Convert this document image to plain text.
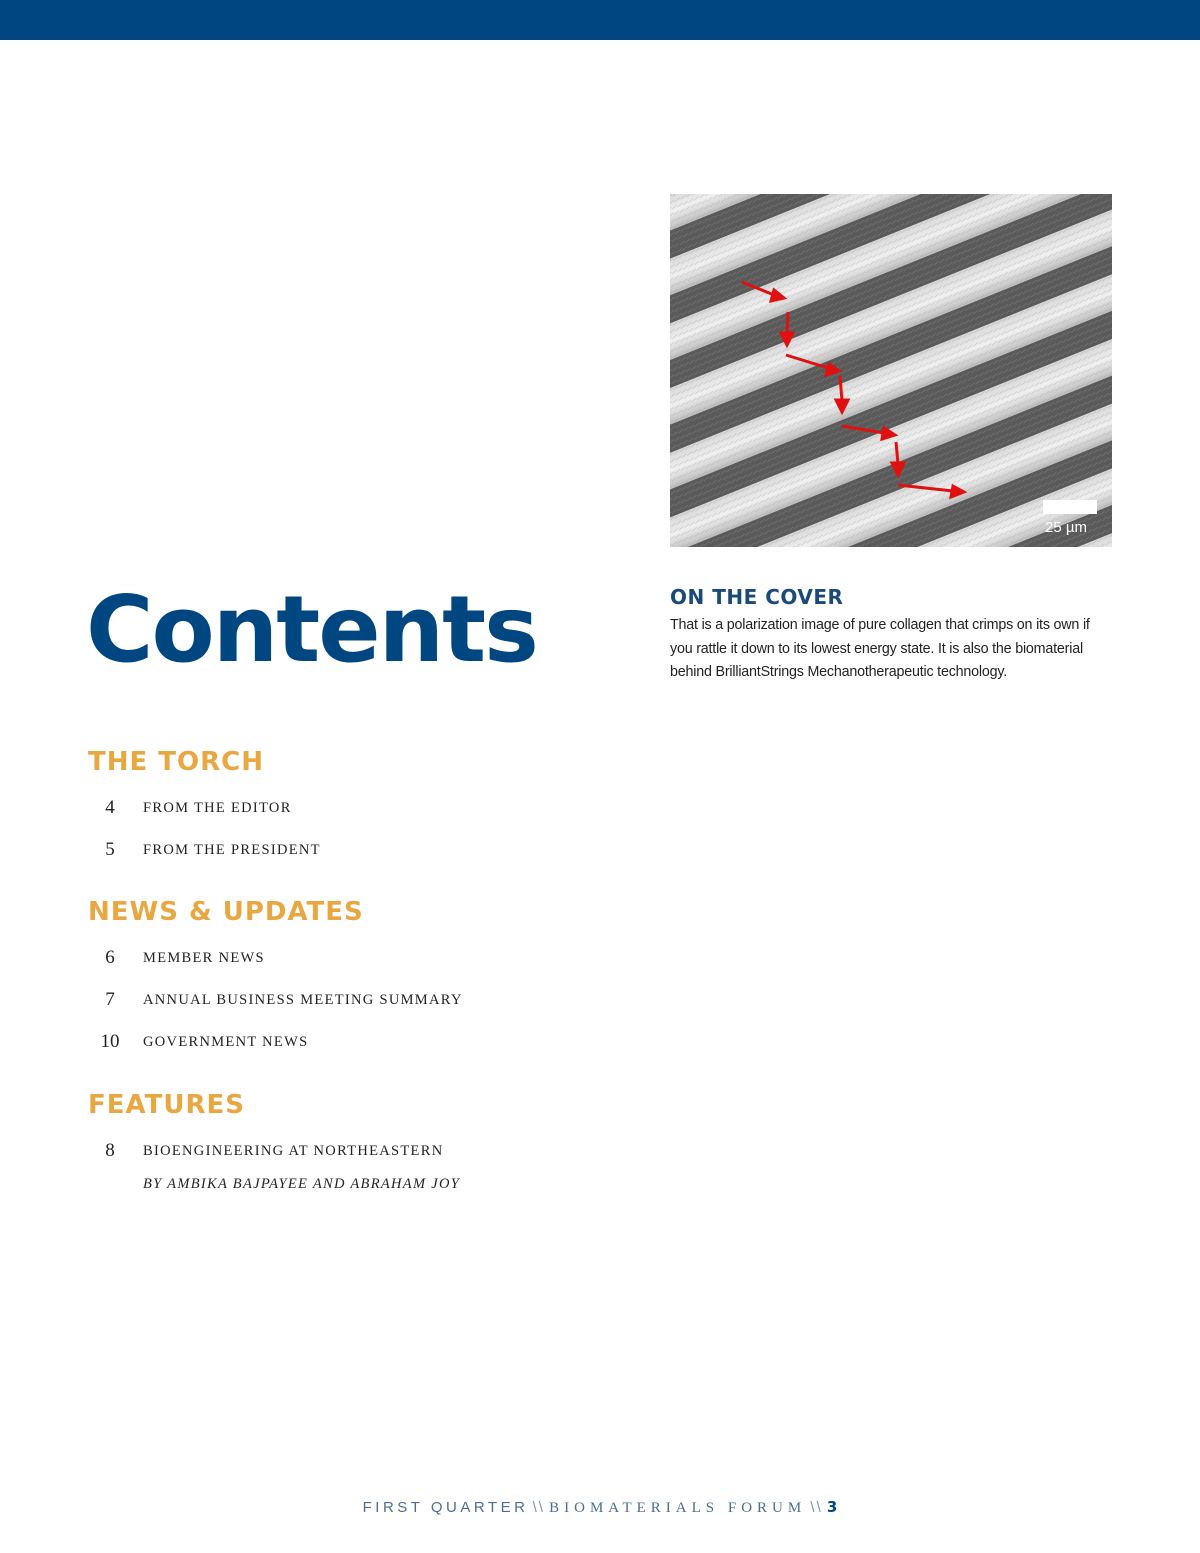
25 µm
ON THE COVER
That is a polarization image of pure collagen that crimps on its own if you rattle it down to its lowest energy state. It is also the biomaterial behind BrilliantStrings Mechanotherapeutic technology.
Contents
THE TORCH
4	FROM THE EDITOR
5	FROM THE PRESIDENT
NEWS & UPDATES
6	MEMBER NEWS
7	ANNUAL BUSINESS MEETING SUMMARY
10	GOVERNMENT NEWS
FEATURES
8	BIOENGINEERING AT NORTHEASTERN
BY AMBIKA BAJPAYEE AND ABRAHAM JOY
FIRST QUARTER \\ BIOMATERIALS FORUM \\ 3
